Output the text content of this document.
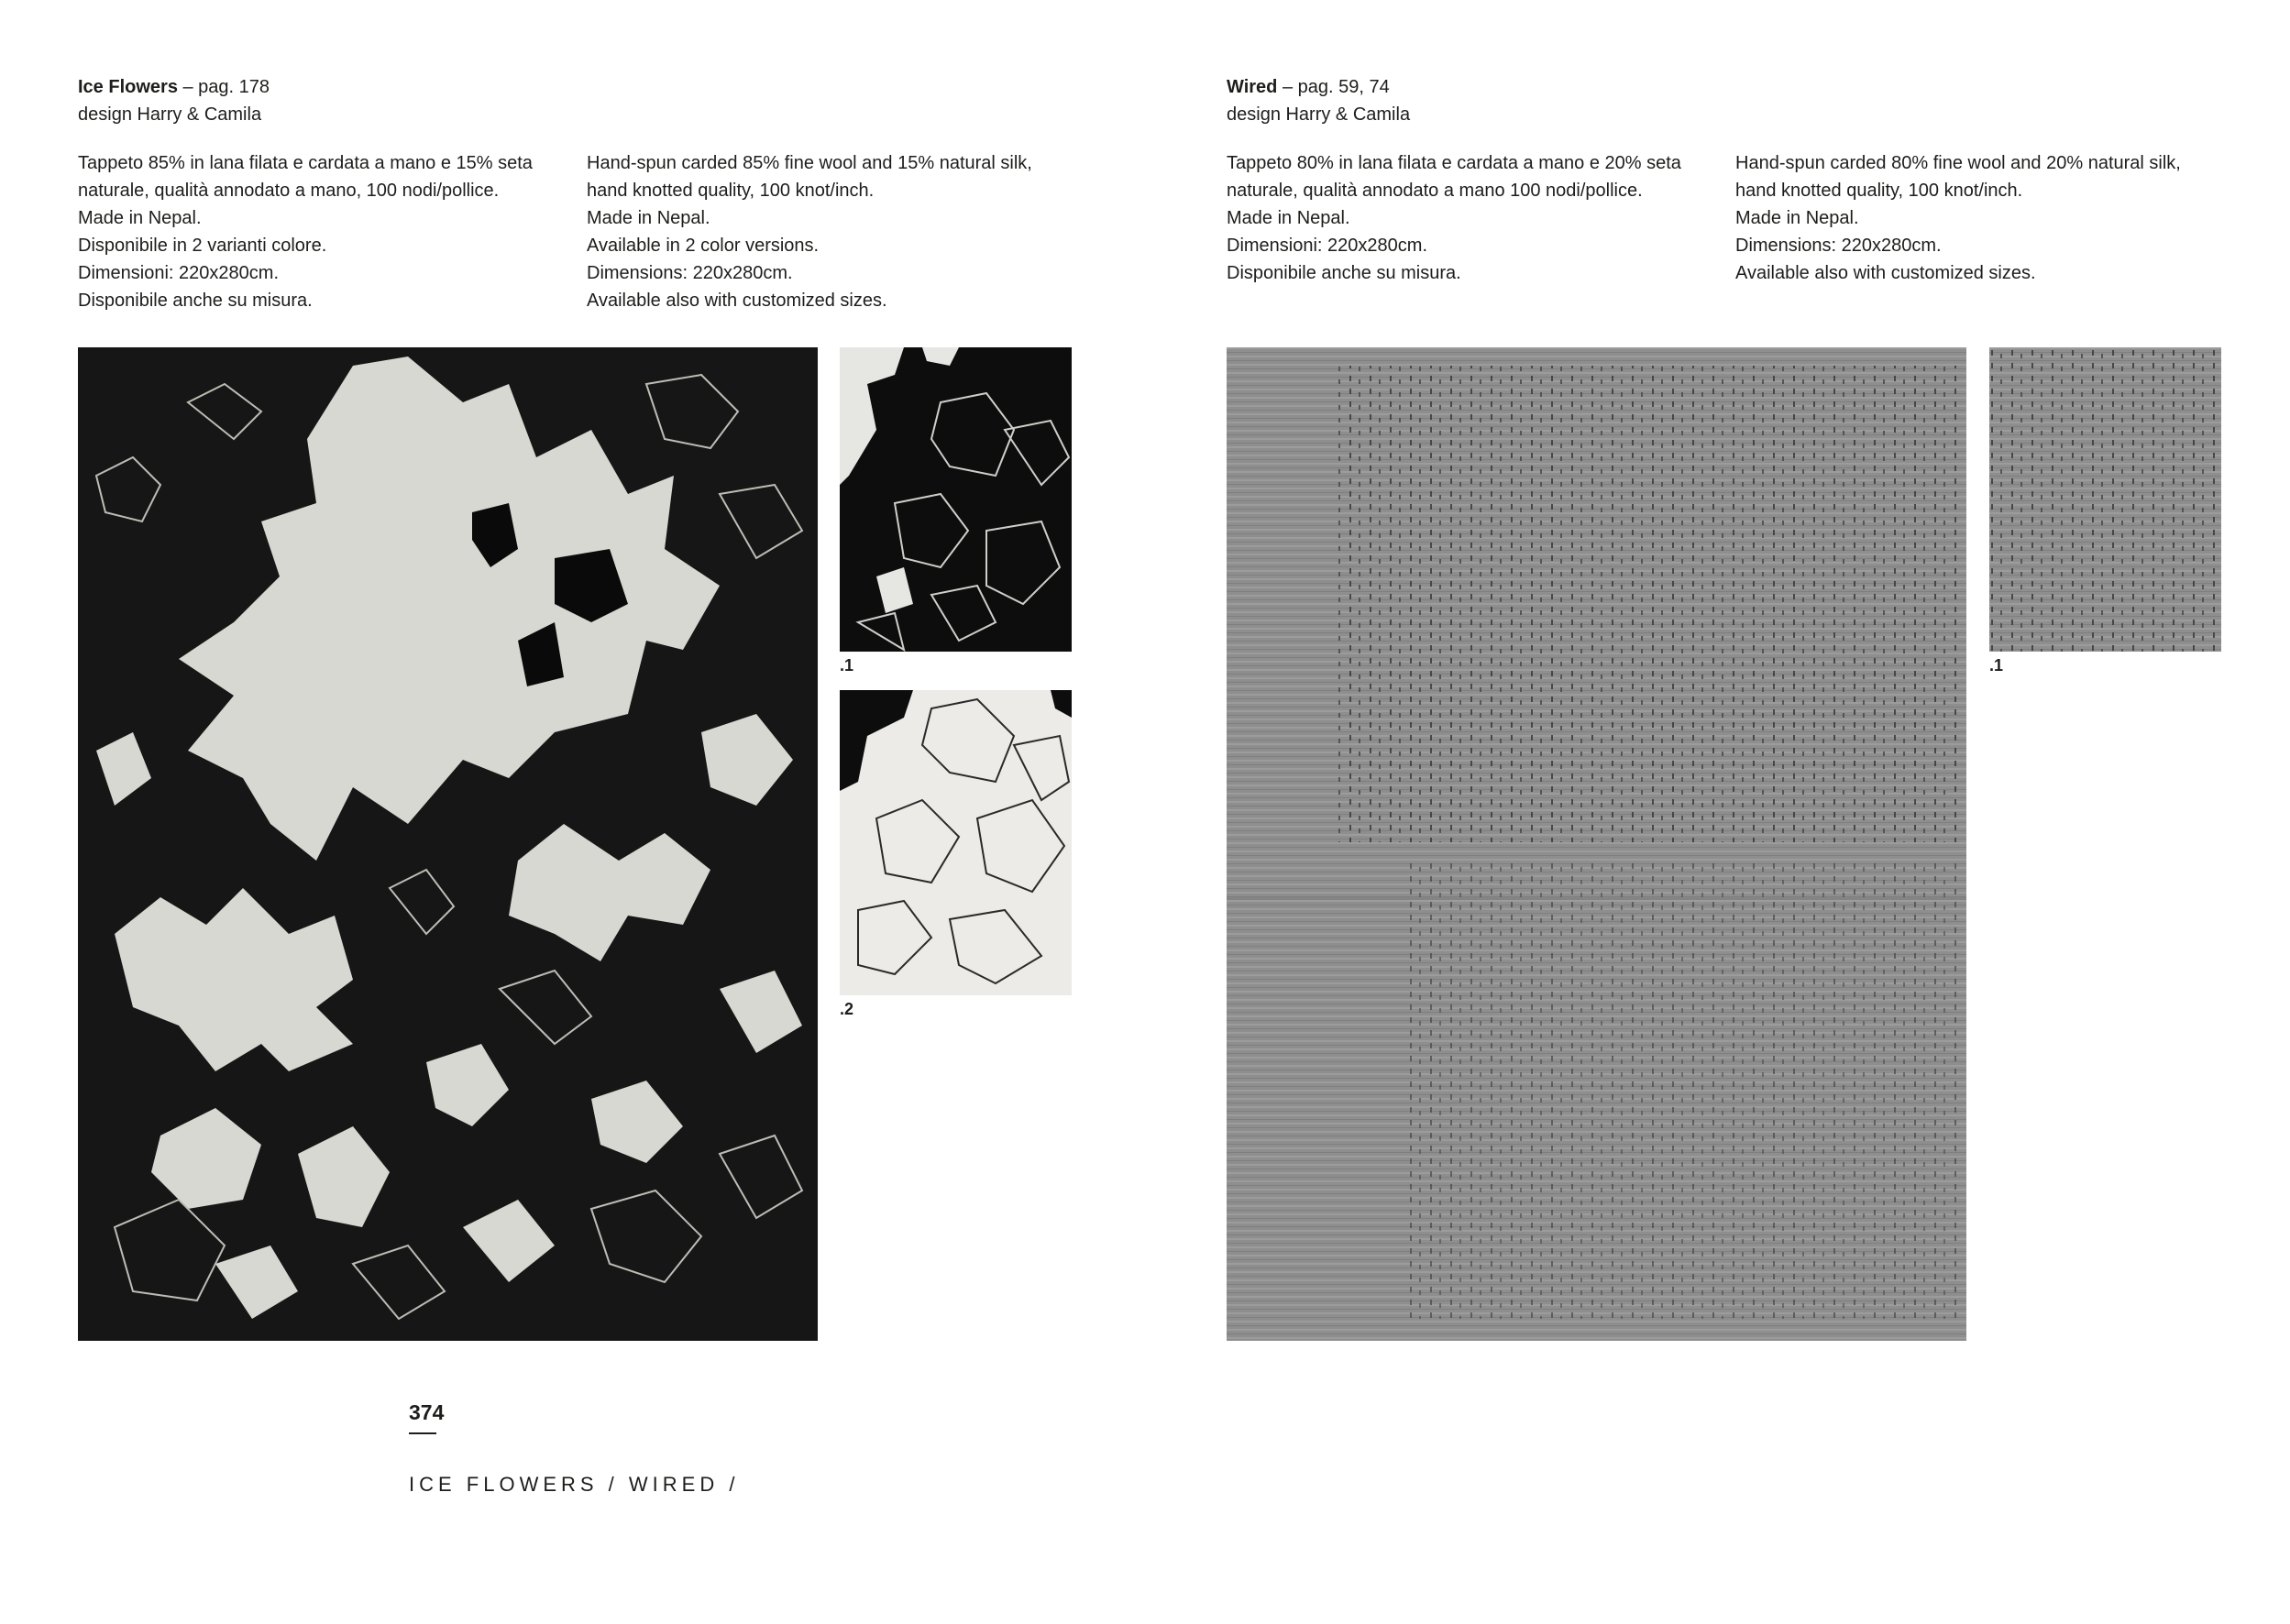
Ice Flowers – pag. 178
design Harry & Camila
Tappeto 85% in lana filata e cardata a mano e 15% seta
naturale, qualità annodato a mano, 100 nodi/pollice.
Made in Nepal.
Disponibile in 2 varianti colore.
Dimensioni: 220x280cm.
Disponibile anche su misura.
Hand-spun carded 85% fine wool and 15% natural silk,
hand knotted quality, 100 knot/inch.
Made in Nepal.
Available in 2 color versions.
Dimensions: 220x280cm.
Available also with customized sizes.
.1
.2
Wired – pag. 59, 74
design Harry & Camila
Tappeto 80% in lana filata e cardata a mano e 20% seta
naturale, qualità annodato a mano 100 nodi/pollice.
Made in Nepal.
Dimensioni: 220x280cm.
Disponibile anche su misura.
Hand-spun carded 80% fine wool and 20% natural silk,
hand knotted quality, 100 knot/inch.
Made in Nepal.
Dimensions: 220x280cm.
Available also with customized sizes.
.1
374
ICE FLOWERS / WIRED /
